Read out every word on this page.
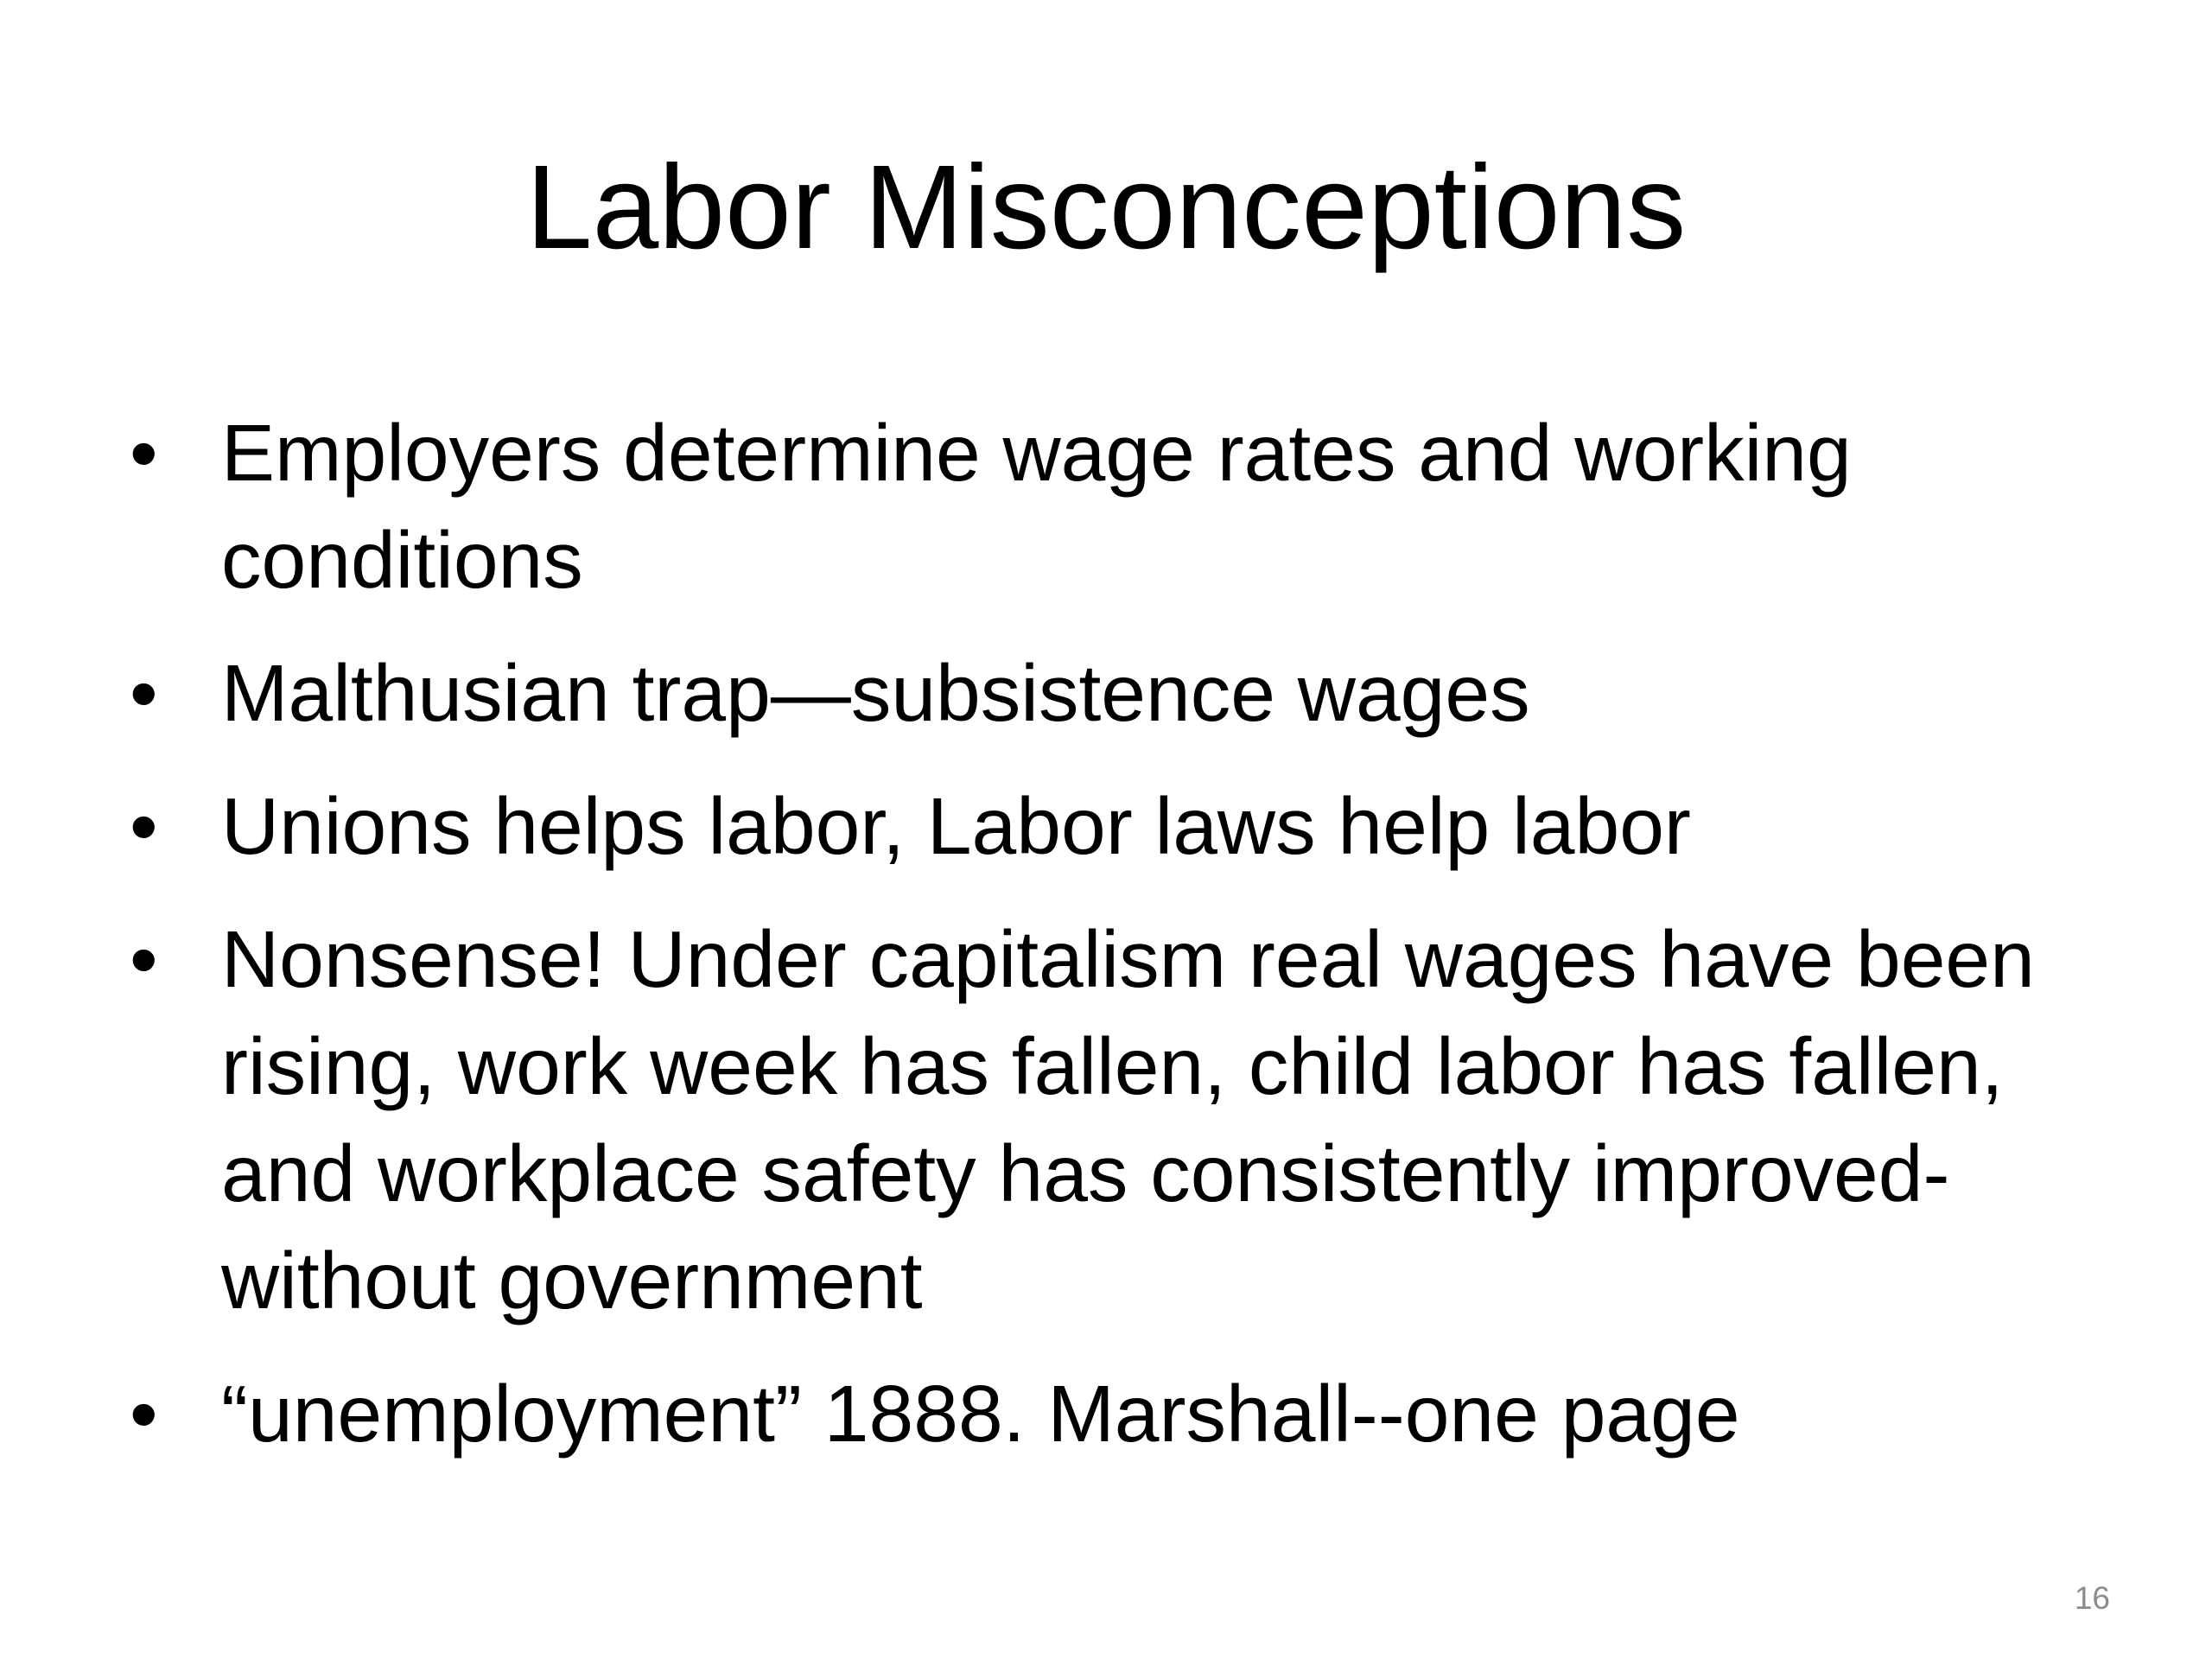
Labor Misconceptions
• Employers determine wage rates and working conditions
• Malthusian trap—subsistence wages
• Unions helps labor, Labor laws help labor
• Nonsense! Under capitalism real wages have been rising, work week has fallen, child labor has fallen, and workplace safety has consistently improved-without government
• “unemployment” 1888. Marshall--one page
16
